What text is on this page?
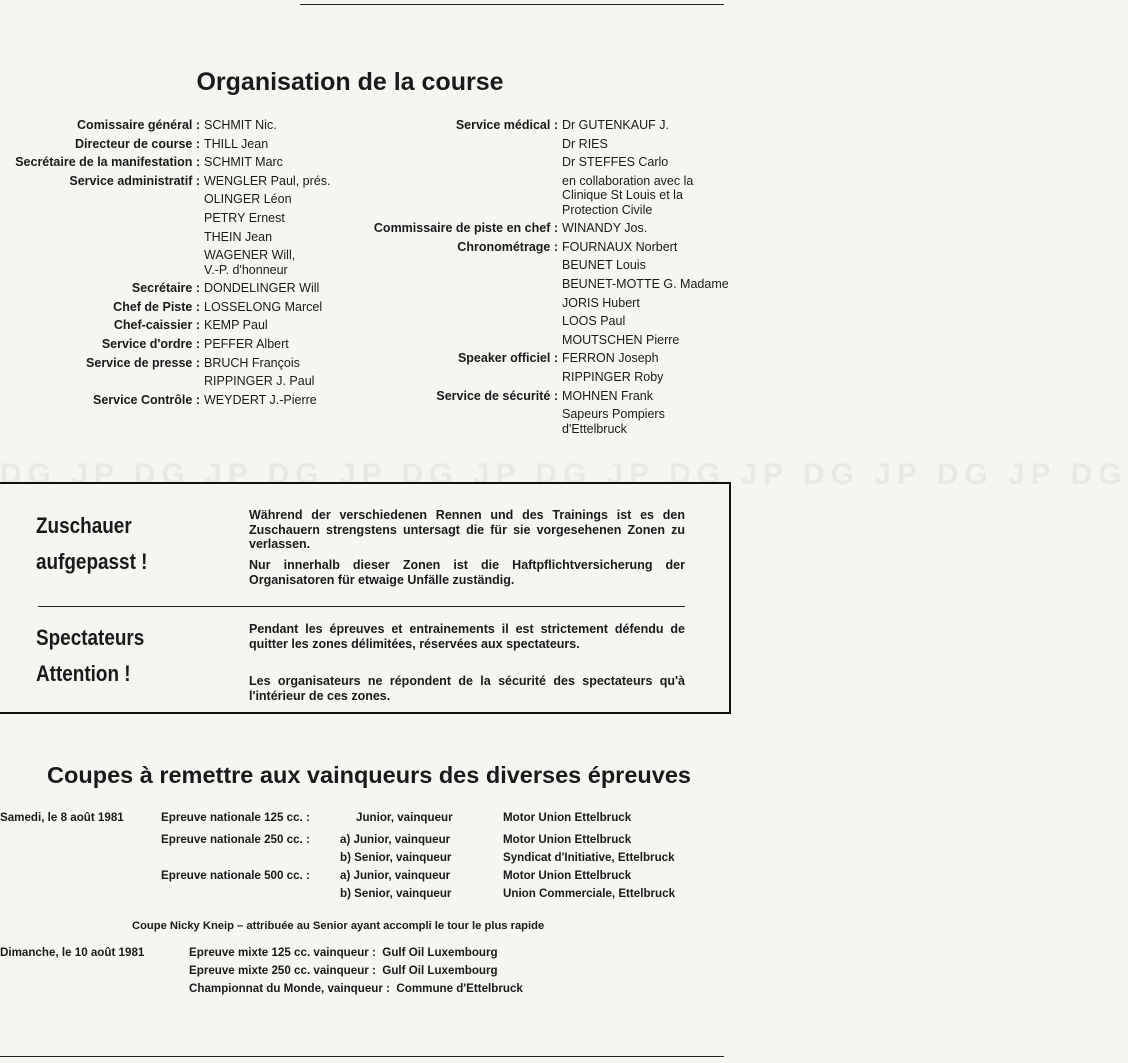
Organisation de la course
Comissaire général : SCHMIT Nic.
Directeur de course : THILL Jean
Secrétaire de la manifestation : SCHMIT Marc
Service administratif : WENGLER Paul, prés.
OLINGER Léon
PETRY Ernest
THEIN Jean
WAGENER Will,
V.-P. d'honneur
Secrétaire : DONDELINGER Will
Chef de Piste : LOSSELONG Marcel
Chef-caissier : KEMP Paul
Service d'ordre : PEFFER Albert
Service de presse : BRUCH François
RIPPINGER J. Paul
Service Contrôle : WEYDERT J.-Pierre
Service médical : Dr GUTENKAUF J.
Dr RIES
Dr STEFFES Carlo
en collaboration avec la
Clinique St Louis et la
Protection Civile
Commissaire de piste en chef : WINANDY Jos.
Chronométrage : FOURNAUX Norbert
BEUNET Louis
BEUNET-MOTTE G. Madame
JORIS Hubert
LOOS Paul
MOUTSCHEN Pierre
Speaker officiel : FERRON Joseph
RIPPINGER Roby
Service de sécurité : MOHNEN Frank
Sapeurs Pompiers
d'Ettelbruck
DG JP DG JP DG JP DG JP DG JP DG JP DG JP DG JP DG
Zuschauer
aufgepasst !
Während der verschiedenen Rennen und des Trainings ist es den Zuschauern strengstens untersagt die für sie vorgesehenen Zonen zu verlassen.
Nur innerhalb dieser Zonen ist die Haftpflichtversicherung der Organisatoren für etwaige Unfälle zuständig.
Spectateurs
Attention !
Pendant les épreuves et entrainements il est strictement défendu de quitter les zones délimitées, réservées aux spectateurs.
Les organisateurs ne répondent de la sécurité des spectateurs qu'à l'intérieur de ces zones.
Coupes à remettre aux vainqueurs des diverses épreuves
Samedi, le 8 août 1981	Epreuve nationale 125 cc. :	Junior, vainqueur	Motor Union Ettelbruck
Epreuve nationale 250 cc. :	a) Junior, vainqueur	Motor Union Ettelbruck
b) Senior, vainqueur	Syndicat d'Initiative, Ettelbruck
Epreuve nationale 500 cc. :	a) Junior, vainqueur	Motor Union Ettelbruck
b) Senior, vainqueur	Union Commerciale, Ettelbruck
Coupe Nicky Kneip – attribuée au Senior ayant accompli le tour le plus rapide
Dimanche, le 10 août 1981	Epreuve mixte 125 cc. vainqueur :  Gulf Oil Luxembourg
Epreuve mixte 250 cc. vainqueur :  Gulf Oil Luxembourg
Championnat du Monde, vainqueur :  Commune d'Ettelbruck
